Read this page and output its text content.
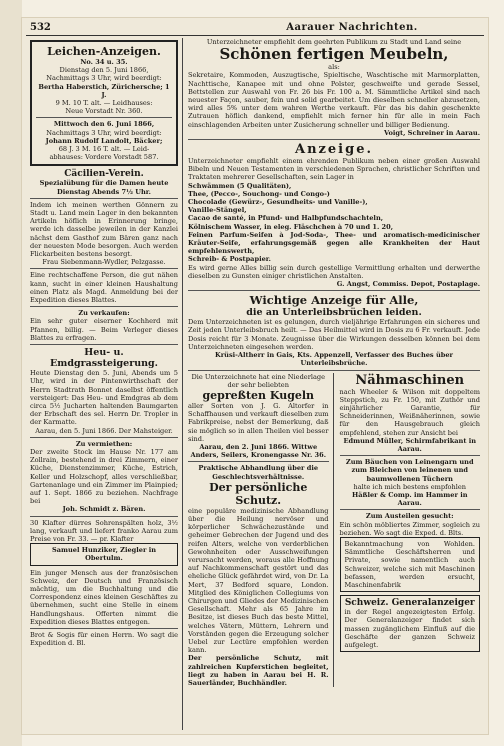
532	Aarauer Nachrichten.
Leichen-Anzeigen.
No. 34 u. 35.
Dienstag den 5. Juni 1866,
Nachmittags 3 Uhr, wird beerdigt:
Bertha Haberstich, Zürichersche; 1 J.
9 M. 10 T. alt. — Leidhauses:
Neue Vorstadt Nr. 360.
Mittwoch den 6. Juni 1866,
Nachmittags 3 Uhr, wird beerdigt:
Johann Rudolf Landolt, Bäcker;
68 J. 3 M. 16 T. alt. — Leid-
abhauses: Vordere Vorstadt 587.
Cäcilien-Verein.
Spezialübung für die Damen heute Dienstag Abends 7½ Uhr.
Indem ich meinen werthen Gönnern zu Stadt u. Land mein Lager in den bekannten Artikeln höflich in Erinnerung bringe, werde ich dasselbe jeweilen in der Kanzlei nächst dem Gasthof zum Bären ganz nach der neuesten Mode besorgen. Auch werden Flickarbeiten bestens besorgt.
Frau Siebenmann-Wydler, Pelzgasse.
Eine rechtschaffene Person, die gut nähen kann, sucht in einer kleinen Haushaltung einen Platz als Magd. Anmeldung bei der Expedition dieses Blattes.
Zu verkaufen:
Ein sehr guter eiserner Kochherd mit Pfannen, billig. — Beim Verleger dieses Blattes zu erfragen.
Heu- u. Emdgrassteigerung.
Heute Dienstag den 5. Juni, Abends um 5 Uhr, wird in der Pintenwirthschaft der Herrn Stadtrath Bonnet daselbst öffentlich versteigert: Das Heu- und Emdgras ab dem circa 5½ Jucharten haltenden Baumgarten der Erbschaft des sel. Herrn Dr. Tropler in der Karmatte.
Aarau, den 5. Juni 1866. Der Mahsteiger.
Zu vermiethen:
Der zweite Stock im Hause Nr. 177 am Zollrain, bestehend in drei Zimmern, einer Küche, Dienstenzimmer, Küche, Estrich, Keller und Holzschopf, alles verschließbar, Gartenanlage und ein Zimmer im Plainpied; auf 1. Sept. 1866 zu beziehen. Nachfrage bei
Joh. Schmidt z. Bären.
30 Klafter dürres Sohrenspälten holz, 3½ lang, verkauft und liefert franko Aarau zum Preise von Fr. 33. — pr. Klafter
Samuel Hunziker, Ziegler in Obertulm.
Ein junger Mensch aus der französischen Schweiz, der Deutsch und Französisch mächtig, um die Buchhaltung und die Correspondenz eines kleinen Geschäftes zu übernehmen, sucht eine Stelle in einem Handlungshaus. Offerten nimmt die Expedition dieses Blattes entgegen.
Brot & Sogis für einen Herrn. Wo sagt die Expedition d. Bl.
Unterzeichneter empfiehlt dem geehrten Publikum zu Stadt und Land seine
Schönen fertigen Meubeln,
als:
Sekretaire, Kommoden, Auszugtische, Spieltische, Waschtische mit Marmorplatten, Nachttische, Kanapee mit und ohne Polster, geschweifte und gerade Sessel, Bettstellen zur Auswahl von Fr. 26 bis Fr. 100 a. M. Sämmtliche Artikel sind nach neuester Façon, sauber, fein und solid gearbeitet. Um dieselben schneller abzusetzen, wird alles 5% unter dem wahren Werthe verkauft. Für das bis dahin geschenkte Zutrauen höflich dankend, empfiehlt mich ferner hin für alle in mein Fach einschlagenden Arbeiten unter Zusicherung schneller und billiger Bedienung.
Voigt, Schreiner in Aarau.
Anzeige.
Unterzeichneter empfiehlt einem ehrenden Publikum neben einer großen Auswahl Bibeln und Neuen Testamenten in verschiedenen Sprachen, christlicher Schriften und Traktaten mehrerer Gesellschaften, sein Lager in
Schwämmen (5 Qualitäten),
Thee, (Pecco-, Souchong- und Congo-)
Chocolade (Gewürz-, Gesundheits- und Vanille-),
Vanille-Stängel,
Cacao de santé, in Pfund- und Halbpfundschachteln,
Kölnischem Wasser, in eleg. Fläschchen à 70 und 1. 20,
Feinen Parfum-Seifen à Jod-Soda-, Thee- und aromatisch-medicinischer Kräuter-Seife, erfahrungsgemäß gegen alle Krankheiten der Haut empfehlenswerth,
Schreib- & Postpapier.
Es wird gerne Alles billig sein durch gestellige Vermittlung erhalten und derwerthe dieselben zu Gunsten einiger christlichen Anstalten.
G. Angst, Commiss. Depot, Postaplage.
Wichtige Anzeige für Alle,
die an Unterleibsbrüchen leiden.
Dem Unterzeichneten ist es gelungen, durch vieljährige Erfahrungen ein sicheres und Zeit jeden Unterleibsbruch heilt. — Das Heilmittel wird in Dosis zu 6 Fr. verkauft. Jede Dosis reicht für 3 Monate. Zeugnisse über die Wirkungen desselben können bei dem Unterzeichneten eingesehen werden.
Krüsi-Altherr in Gais, Kts. Appenzell, Verfasser des Buches über Unterleibsbrüche.
Die Unterzeichnete hat eine Niederlage der sehr beliebten
gepreßten Kugeln
aller Sorten von J. G. Altorfer in Schaffhausen und verkauft dieselben zum Fabrikpreise, nebst der Bemerkung, daß sie möglich so in allen Theilen viel besser sind.
Aarau, den 2. Juni 1866. Wittwe Anders, Seilers, Kronengasse Nr. 36.
Praktische Abhandlung über die Geschlechtsverhältnisse.
Der persönliche Schutz.
eine populäre medizinische Abhandlung über die Heilung nervöser und körperlicher Schwächezustände und geheimer Gebrechen der Jugend und des reifen Alters, welche von verderblichen Gewohnheiten oder Ausschweifungen verursacht werden, woraus alle Hoffnung auf Nachkommenschaft gestört und das eheliche Glück gefährdet wird, von Dr. La Mert, 37 Bedford square, London. Mitglied des Königlichen Collegiums von Chirurgen und Gliedes der Medizinischen Gesellschaft. Mehr als 65 Jahre im Besitze, ist dieses Buch das beste Mittel, welches Vätern, Müttern, Lehrern und Vorständen gegen die Erzeugung solcher Uebel zur Lectüre empfohlen werden kann.
Der persönliche Schutz, mit zahlreichen Kupferstichen begleitet, liegt zu haben in Aarau bei H. R. Sauerländer, Buchhändler.
Nähmaschinen
nach Wheeler & Wilson mit doppeltem Steppstich, zu Fr. 150, mit Zuthör und einjährlicher Garantie, für Schneiderinnen, Weißnäherinnen, sowie für den Hausgebrauch gleich empfehlend, stehen zur Ansicht bei
Edmund Müller, Schirmfabrikant in Aarau.
Zum Bäuchen von Leinengarn und zum Bleichen von leinenen und baumwollenen Tüchern
halte ich mich bestens empfohlen
Häßler & Comp. im Hammer in Aarau.
Zum Austeilen gesucht:
Ein schön möbliertes Zimmer, sogleich zu beziehen. Wo sagt die Exped. d. Blts.
Bekanntmachung von Wohlden. Sämmtliche Geschäftsherren und Private, sowie namentlich auch Schweizer, welche sich mit Maschinen befassen, werden ersucht, Maschinenfabrik
Schweiz. Generalanzeiger
in der Regel angezeigtesten Erfolg. Der Generalanzeiger findet sich massen zugänglichem Einfluß auf die Geschäfte der ganzen Schweiz aufgelegt.
